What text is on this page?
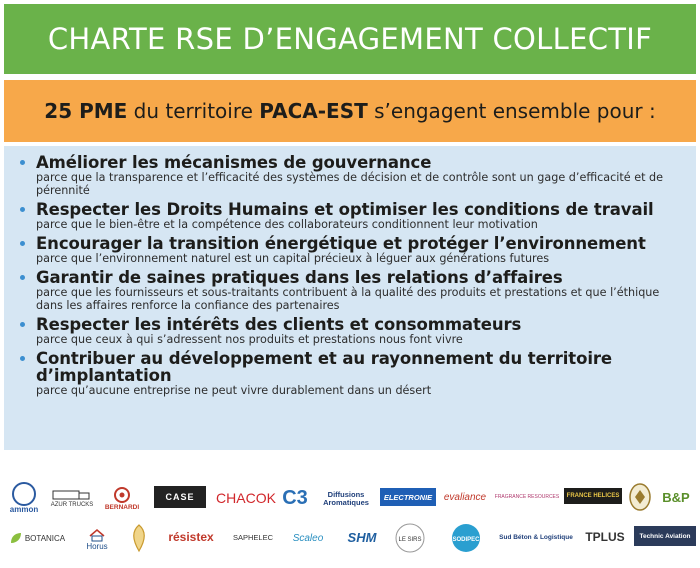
CHARTE RSE D’ENGAGEMENT COLLECTIF
25 PME du territoire PACA-EST s’engagent ensemble pour :
Améliorer les mécanismes de gouvernance
parce que la transparence et l’efficacité des systèmes de décision et de contrôle sont un gage d’efficacité et de pérennité
Respecter les Droits Humains et optimiser les conditions de travail
parce que le bien-être et la compétence des collaborateurs conditionnent leur motivation
Encourager la transition énergétique et protéger l’environnement
parce que l’environnement naturel est un capital précieux à léguer aux générations futures
Garantir de saines pratiques dans les relations d’affaires
parce que les fournisseurs et sous-traitants contribuent à la qualité des produits et prestations et que l’éthique dans les affaires renforce la confiance des partenaires
Respecter les intérêts des clients et consommateurs
parce que ceux à qui s’adressent nos produits et prestations nous font vivre
Contribuer au développement et au rayonnement du territoire d’implantation
parce qu’aucune entreprise ne peut vivre durablement dans un désert
ammon AZUR TRUCKS BERNARDI
CASE CHACOK C3	Diffusions Aromatiques
ELECTRONIE evaliance FRAGRANCE RESOURCES FRANCE HELICES	B&P
BOTANICA
Horus
résistex	SAPHELEC Scaleo SHM	LE SIRS	SODIPEC	Sud Béton & Logistique TPLUS Technic Aviation
